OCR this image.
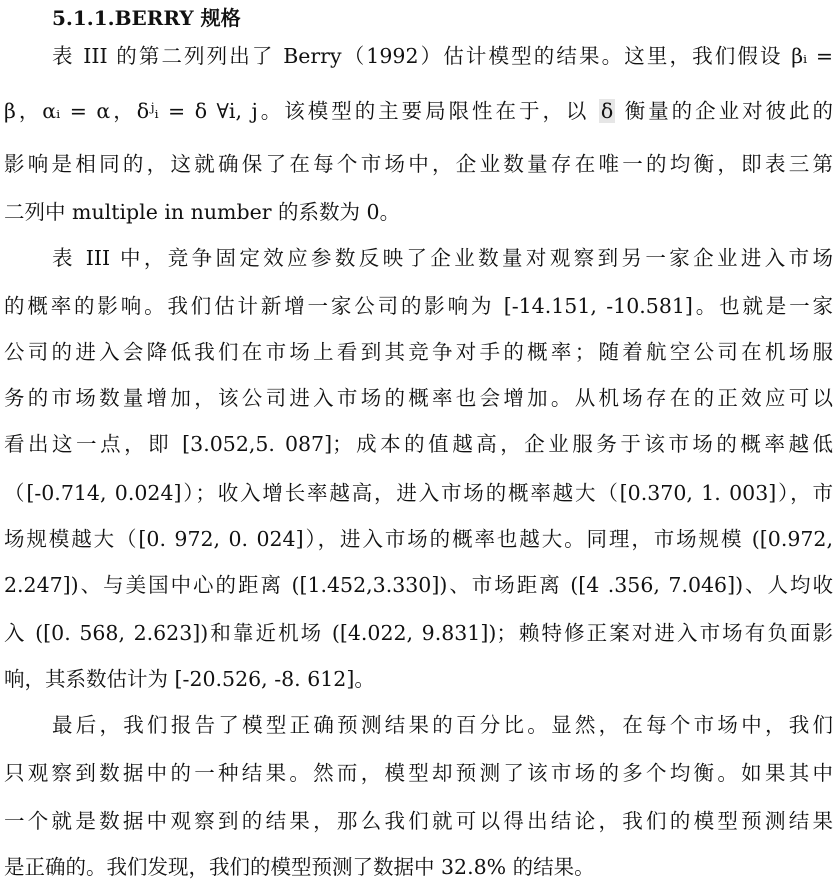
5.1.1.BERRY 规格
表 III 的第二列列出了 Berry（1992）估计模型的结果。这里，我们假设 βᵢ =
β，αᵢ = α，δʲᵢ = δ ∀i, j。该模型的主要局限性在于，以 δ 衡量的企业对彼此的
影响是相同的，这就确保了在每个市场中，企业数量存在唯一的均衡，即表三第
二列中 multiple in number 的系数为 0。
表 III 中，竞争固定效应参数反映了企业数量对观察到另一家企业进入市场
的概率的影响。我们估计新增一家公司的影响为 [-14.151, -10.581]。也就是一家
公司的进入会降低我们在市场上看到其竞争对手的概率；随着航空公司在机场服
务的市场数量增加，该公司进入市场的概率也会增加。从机场存在的正效应可以
看出这一点，即 [3.052,5. 087]；成本的值越高，企业服务于该市场的概率越低
（[-0.714, 0.024]）；收入增长率越高，进入市场的概率越大（[0.370, 1. 003]），市
场规模越大（[0. 972, 0. 024]），进入市场的概率也越大。同理，市场规模 ([0.972,
2.247])、与美国中心的距离 ([1.452,3.330])、市场距离 ([4 .356, 7.046])、人均收
入 ([0. 568, 2.623])和靠近机场 ([4.022, 9.831])；赖特修正案对进入市场有负面影
响，其系数估计为 [-20.526, -8. 612]。
最后，我们报告了模型正确预测结果的百分比。显然，在每个市场中，我们
只观察到数据中的一种结果。然而，模型却预测了该市场的多个均衡。如果其中
一个就是数据中观察到的结果，那么我们就可以得出结论，我们的模型预测结果
是正确的。我们发现，我们的模型预测了数据中 32.8% 的结果。
